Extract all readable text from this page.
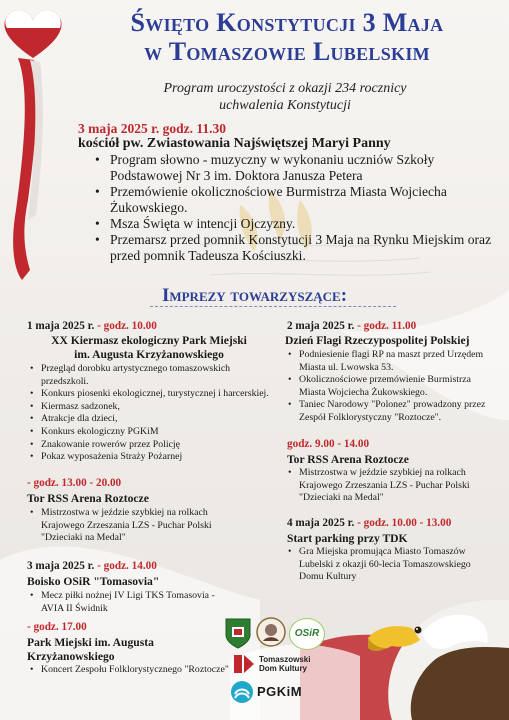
Święto Konstytucji 3 Maja
w Tomaszowie Lubelskim
Program uroczystości z okazji 234 rocznicy
uchwalenia Konstytucji
3 maja 2025 r. godz. 11.30
kościół pw. Zwiastowania Najświętszej Maryi Panny
• Program słowno - muzyczny w wykonaniu uczniów Szkoły Podstawowej Nr 3 im. Doktora Janusza Petera
• Przemówienie okolicznościowe Burmistrza Miasta Wojciecha Żukowskiego.
• Msza Święta w intencji Ojczyzny.
• Przemarsz przed pomnik Konstytucji 3 Maja na Rynku Miejskim oraz przed pomnik Tadeusza Kościuszki.
Imprezy towarzyszące:
1 maja 2025 r. - godz. 10.00
XX Kiermasz ekologiczny Park Miejski im. Augusta Krzyżanowskiego
• Przegląd dorobku artystycznego tomaszowskich przedszkoli.
• Konkurs piosenki ekologicznej, turystycznej i harcerskiej.
• Kiermasz sadzonek,
• Atrakcje dla dzieci,
• Konkurs ekologiczny PGKiM
• Znakowanie rowerów przez Policję
• Pokaz wyposażenia Straży Pożarnej
- godz. 13.00 - 20.00
Tor RSS Arena Roztocze
• Mistrzostwa w jeździe szybkiej na rolkach Krajowego Zrzeszania LZS - Puchar Polski "Dzieciaki na Medal"
3 maja 2025 r. - godz. 14.00
Boisko OSiR "Tomasovia"
• Mecz piłki nożnej IV Ligi TKS Tomasovia - AVIA II Świdnik
- godz. 17.00
Park Miejski im. Augusta Krzyżanowskiego
• Koncert Zespołu Folklorystycznego "Roztocze"
2 maja 2025 r. - godz. 11.00
Dzień Flagi Rzeczypospolitej Polskiej
• Podniesienie flagi RP na maszt przed Urzędem Miasta ul. Lwowska 53.
• Okolicznościowe przemówienie Burmistrza Miasta Wojciecha Żukowskiego.
• Taniec Narodowy "Polonez" prowadzony przez Zespół Folklorystyczny "Roztocze".
godz. 9.00 - 14.00
Tor RSS Arena Roztocze
• Mistrzostwa w jeździe szybkiej na rolkach Krajowego Zrzeszania LZS - Puchar Polski "Dzieciaki na Medal"
4 maja 2025 r. - godz. 10.00 - 13.00
Start parking przy TDK
• Gra Miejska promująca Miasto Tomaszów Lubelski z okazji 60-lecia Tomaszowskiego Domu Kultury
OSiR
Tomaszowski
Dom Kultury
PGKiM
